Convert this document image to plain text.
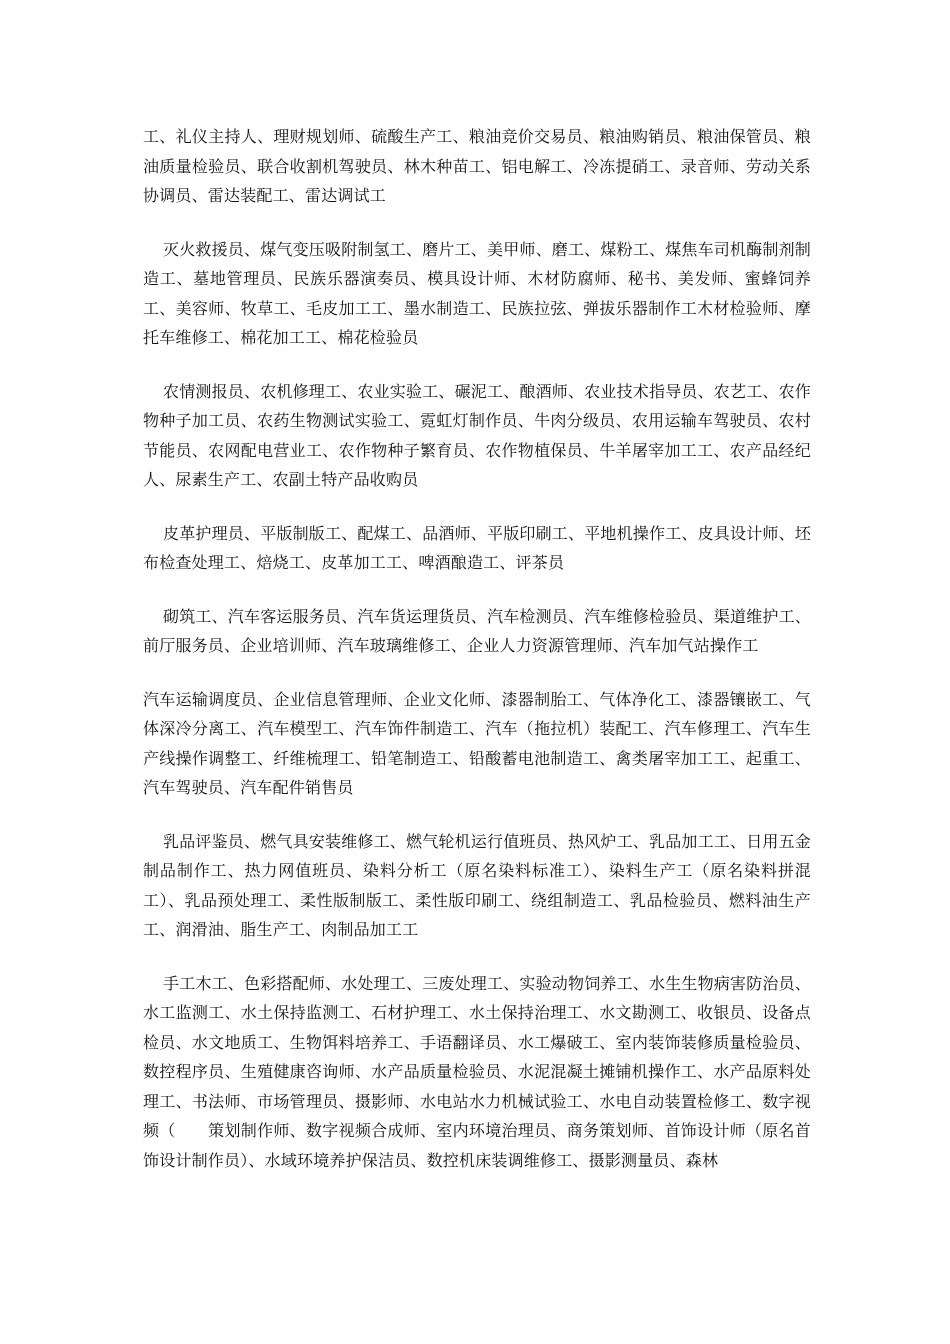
工、礼仪主持人、理财规划师、硫酸生产工、粮油竞价交易员、粮油购销员、粮油保管员、粮油质量检验员、联合收割机驾驶员、林木种苗工、铝电解工、冷冻提硝工、录音师、劳动关系协调员、雷达装配工、雷达调试工

灭火救援员、煤气变压吸附制氢工、磨片工、美甲师、磨工、煤粉工、煤焦车司机酶制剂制造工、墓地管理员、民族乐器演奏员、模具设计师、木材防腐师、秘书、美发师、蜜蜂饲养工、美容师、牧草工、毛皮加工工、墨水制造工、民族拉弦、弹拔乐器制作工木材检验师、摩托车维修工、棉花加工工、棉花检验员

农情测报员、农机修理工、农业实验工、碾泥工、酿酒师、农业技术指导员、农艺工、农作物种子加工员、农药生物测试实验工、霓虹灯制作员、牛肉分级员、农用运输车驾驶员、农村节能员、农网配电营业工、农作物种子繁育员、农作物植保员、牛羊屠宰加工工、农产品经纪人、尿素生产工、农副土特产品收购员

皮革护理员、平版制版工、配煤工、品酒师、平版印刷工、平地机操作工、皮具设计师、坯布检查处理工、焙烧工、皮革加工工、啤酒酿造工、评茶员

砌筑工、汽车客运服务员、汽车货运理货员、汽车检测员、汽车维修检验员、渠道维护工、前厅服务员、企业培训师、汽车玻璃维修工、企业人力资源管理师、汽车加气站操作工

汽车运输调度员、企业信息管理师、企业文化师、漆器制胎工、气体净化工、漆器镶嵌工、气体深冷分离工、汽车模型工、汽车饰件制造工、汽车（拖拉机）装配工、汽车修理工、汽车生产线操作调整工、纤维梳理工、铅笔制造工、铅酸蓄电池制造工、禽类屠宰加工工、起重工、汽车驾驶员、汽车配件销售员

乳品评鉴员、燃气具安装维修工、燃气轮机运行值班员、热风炉工、乳品加工工、日用五金制品制作工、热力网值班员、染料分析工（原名染料标准工）、染料生产工（原名染料拼混工）、乳品预处理工、柔性版制版工、柔性版印刷工、绕组制造工、乳品检验员、燃料油生产工、润滑油、脂生产工、肉制品加工工

手工木工、色彩搭配师、水处理工、三废处理工、实验动物饲养工、水生生物病害防治员、水工监测工、水土保持监测工、石材护理工、水土保持治理工、水文勘测工、收银员、设备点检员、水文地质工、生物饵料培养工、手语翻译员、水工爆破工、室内装饰装修质量检验员、数控程序员、生殖健康咨询师、水产品质量检验员、水泥混凝土摊铺机操作工、水产品原料处理工、书法师、市场管理员、摄影师、水电站水力机械试验工、水电自动装置检修工、数字视频（　　策划制作师、数字视频合成师、室内环境治理员、商务策划师、首饰设计师（原名首饰设计制作员）、水域环境养护保洁员、数控机床装调维修工、摄影测量员、森林
